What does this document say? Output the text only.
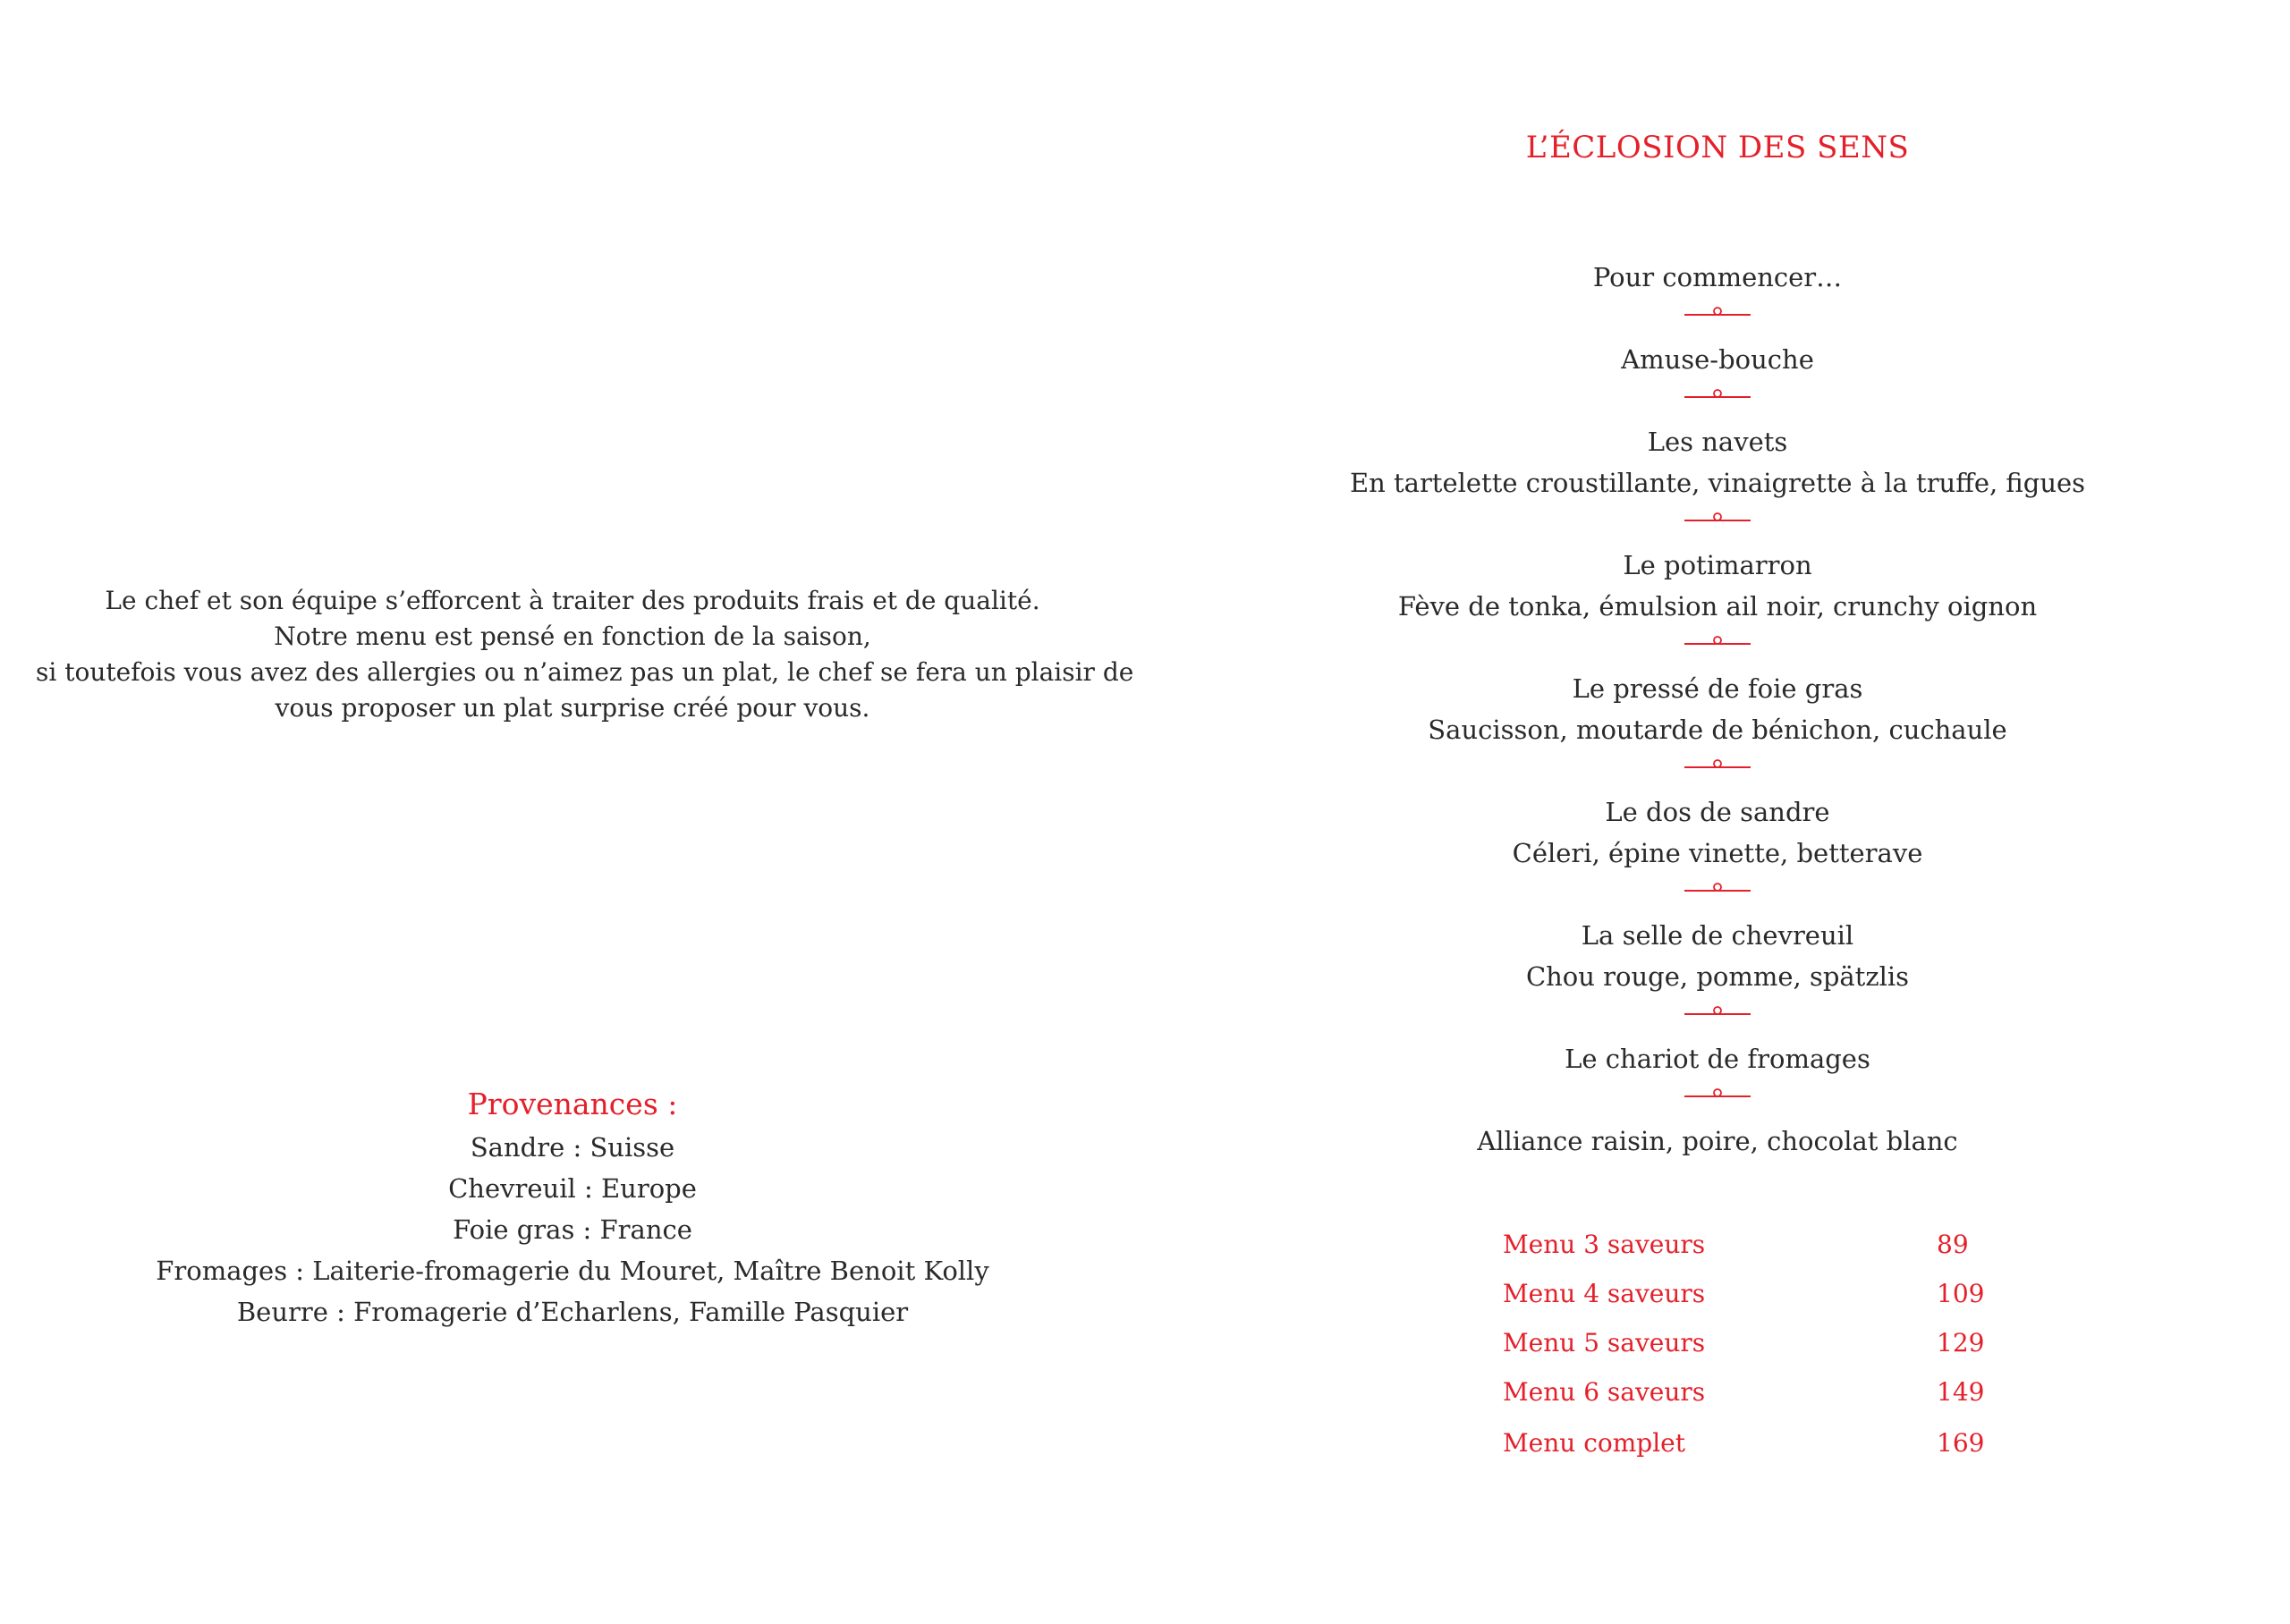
Le chef et son équipe s’efforcent à traiter des produits frais et de qualité.
Notre menu est pensé en fonction de la saison,
si toutefois vous avez des allergies ou n’aimez pas un plat, le chef se fera un plaisir de
vous proposer un plat surprise créé pour vous.
Provenances :
Sandre : Suisse
Chevreuil : Europe
Foie gras : France
Fromages : Laiterie-fromagerie du Mouret, Maître Benoit Kolly
Beurre : Fromagerie d’Echarlens, Famille Pasquier
L’ÉCLOSION DES SENS
Pour commencer…
Amuse-bouche
Les navets
En tartelette croustillante, vinaigrette à la truffe, figues
Le potimarron
Fève de tonka, émulsion ail noir, crunchy oignon
Le pressé de foie gras
Saucisson, moutarde de bénichon, cuchaule
Le dos de sandre
Céleri, épine vinette, betterave
La selle de chevreuil
Chou rouge, pomme, spätzlis
Le chariot de fromages
Alliance raisin, poire, chocolat blanc
Menu 3 saveurs	89
Menu 4 saveurs	109
Menu 5 saveurs	129
Menu 6 saveurs	149
Menu complet	169
